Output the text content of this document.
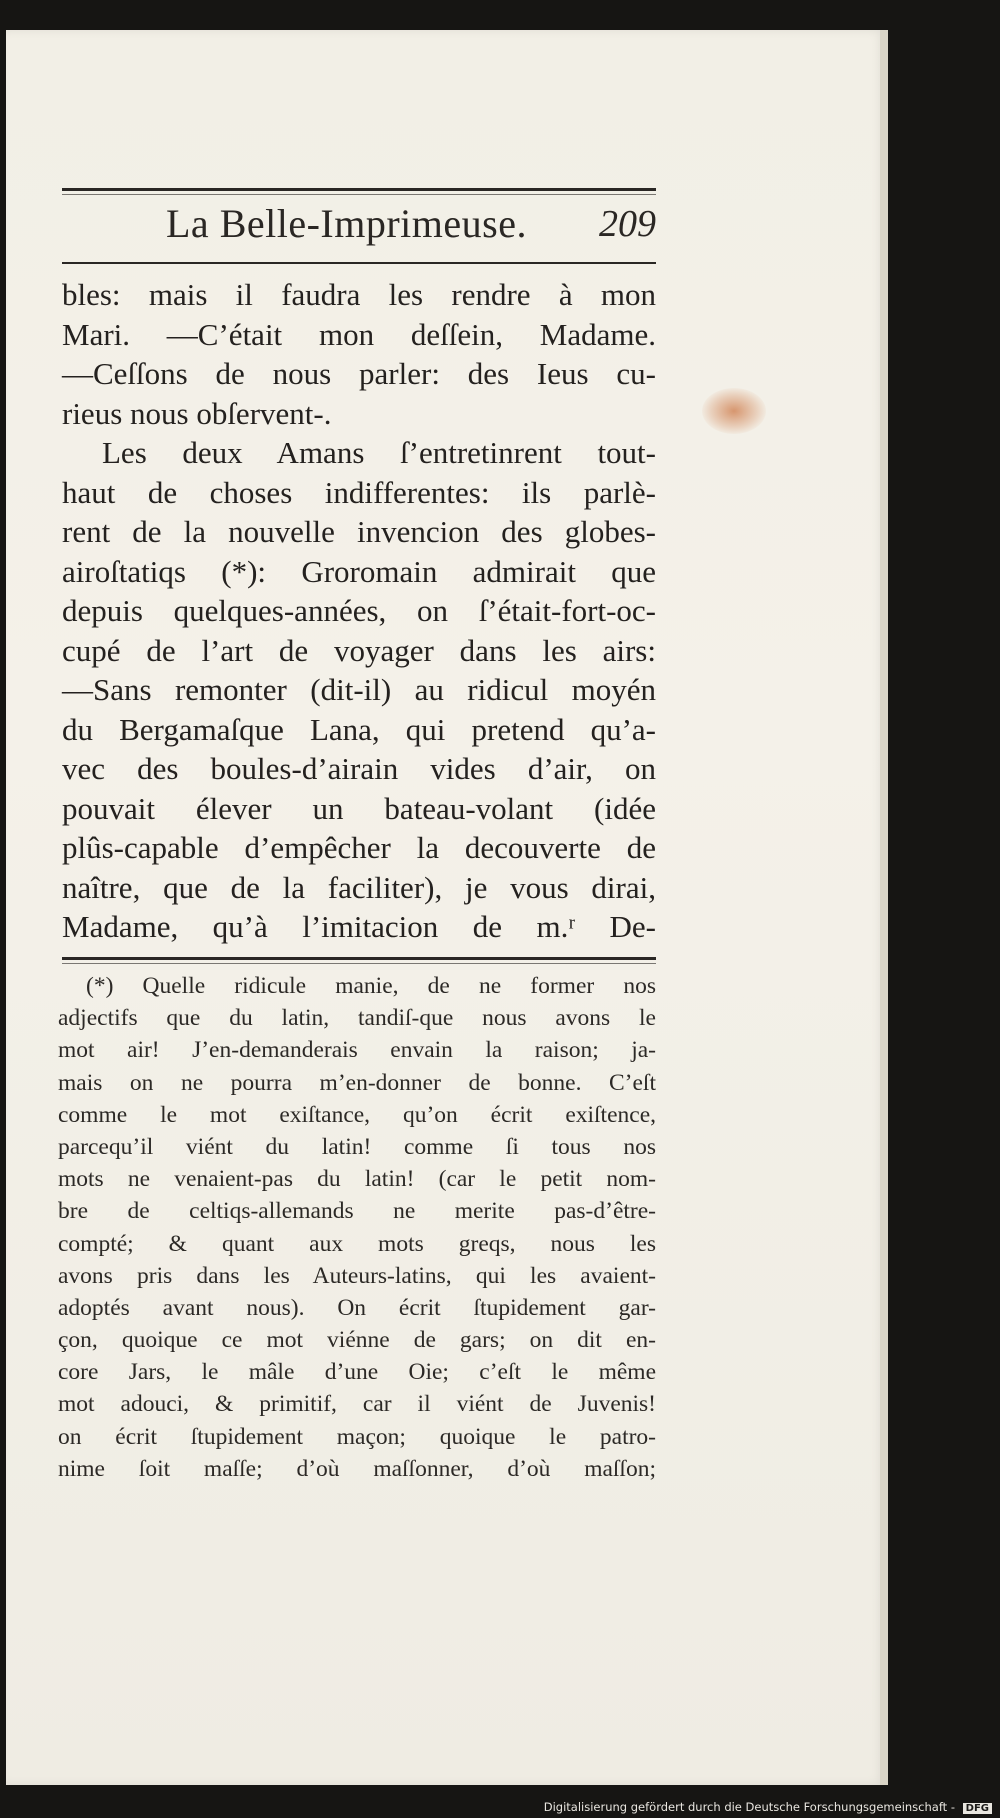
La Belle-Imprimeuse. 209
bles: mais il faudra les rendre à mon
Mari. —C’était mon deſſein, Madame.
—Ceſſons de nous parler: des Ieus cu-
rieus nous obſervent-.
Les deux Amans ſ’entretinrent tout-
haut de choses indifferentes: ils parlè-
rent de la nouvelle invencion des globes-
airoſtatiqs (*): Groromain admirait que
depuis quelques-années, on ſ’était-fort-oc-
cupé de l’art de voyager dans les airs:
—Sans remonter (dit-il) au ridicul moyén
du Bergamaſque Lana, qui pretend qu’a-
vec des boules-d’airain vides d’air, on
pouvait élever un bateau-volant (idée
plûs-capable d’empêcher la decouverte de
naître, que de la faciliter), je vous dirai,
Madame, qu’à l’imitacion de m.ʳ De-
(*) Quelle ridicule manie, de ne former nos
adjectifs que du latin, tandiſ-que nous avons le
mot air! J’en-demanderais envain la raison; ja-
mais on ne pourra m’en-donner de bonne. C’eſt
comme le mot exiſtance, qu’on écrit exiſtence,
parcequ’il viént du latin! comme ſi tous nos
mots ne venaient-pas du latin! (car le petit nom-
bre de celtiqs-allemands ne merite pas-d’être-
compté; & quant aux mots greqs, nous les
avons pris dans les Auteurs-latins, qui les avaient-
adoptés avant nous). On écrit ſtupidement gar-
çon, quoique ce mot viénne de gars; on dit en-
core Jars, le mâle d’une Oie; c’eſt le même
mot adouci, & primitif, car il viént de Juvenis!
on écrit ſtupidement maçon; quoique le patro-
nime ſoit maſſe; d’où maſſonner, d’où maſſon;
Digitalisierung gefördert durch die Deutsche Forschungsgemeinschaft - DFG
